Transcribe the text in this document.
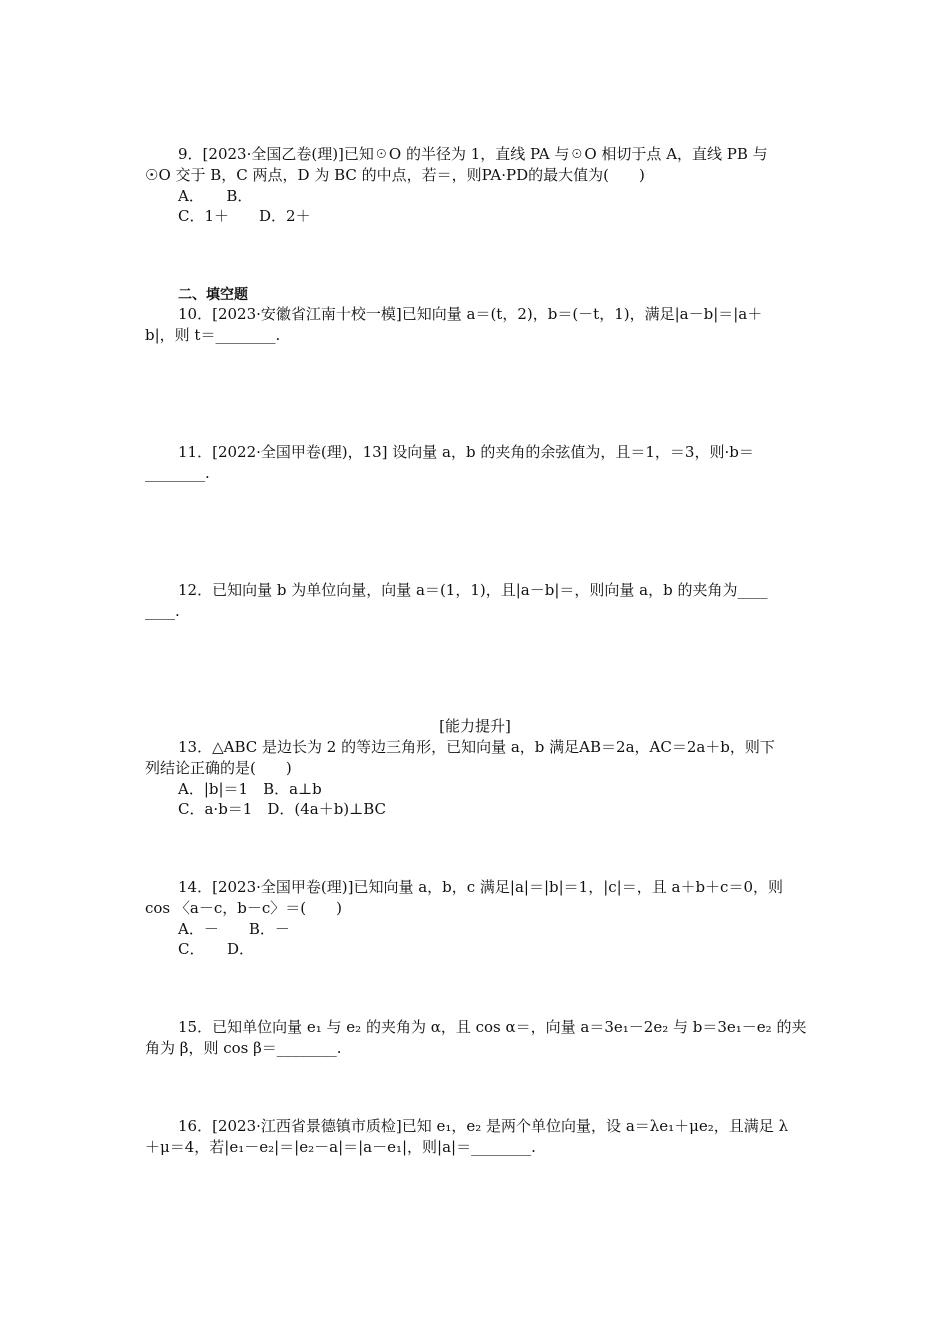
9．[2023·全国乙卷(理)]已知☉O 的半径为 1，直线 PA 与☉O 相切于点 A，直线 PB 与
☉O 交于 B，C 两点，D 为 BC 的中点，若＝，则PA·PD的最大值为(　　)
A．　　B．
C．1＋　　D．2＋
二、填空题
10．[2023·安徽省江南十校一模]已知向量 a＝(t，2)，b＝(－t，1)，满足|a－b|＝|a＋
b|，则 t＝________.
11．[2022·全国甲卷(理)，13] 设向量 a，b 的夹角的余弦值为，且＝1，＝3，则·b＝
________.
12．已知向量 b 为单位向量，向量 a＝(1，1)，且|a－b|＝，则向量 a，b 的夹角为____
____.
[能力提升]
13．△ABC 是边长为 2 的等边三角形，已知向量 a，b 满足AB＝2a，AC＝2a＋b，则下
列结论正确的是(　　)
A．|b|＝1　B．a⊥b
C．a·b＝1　D．(4a＋b)⊥BC
14．[2023·全国甲卷(理)]已知向量 a，b，c 满足|a|＝|b|＝1，|c|＝，且 a＋b＋c＝0，则
cos 〈a－c，b－c〉＝(　　)
A．－　　B．－
C．　　D．
15．已知单位向量 e₁ 与 e₂ 的夹角为 α，且 cos α＝，向量 a＝3e₁－2e₂ 与 b＝3e₁－e₂ 的夹
角为 β，则 cos β＝________.
16．[2023·江西省景德镇市质检]已知 e₁，e₂ 是两个单位向量，设 a＝λe₁＋μe₂，且满足 λ
＋μ＝4，若|e₁－e₂|＝|e₂－a|＝|a－e₁|，则|a|＝________.
